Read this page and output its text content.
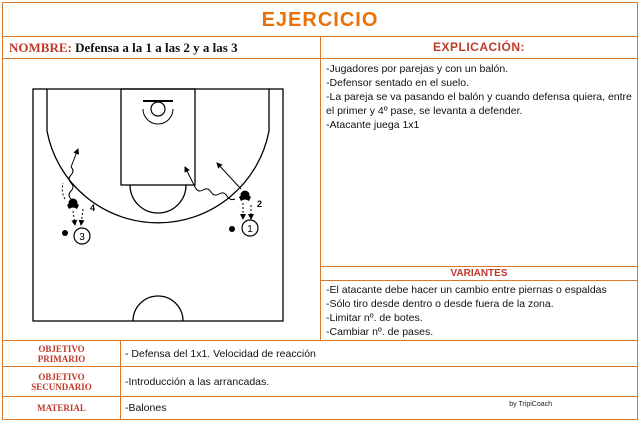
EJERCICIO
NOMBRE: Defensa a la 1 a las 2 y a las 3	EXPLICACIÓN:
4
3
2
1

-Jugadores por parejas y con un balón.

-Defensor sentado en el suelo.

-La pareja se va pasando el balón y cuando defensa quiera, entre el primer y 4º pase, se levanta a defender.

-Atacante juega 1x1

VARIANTES

-El atacante debe hacer un cambio entre piernas o espaldas

-Sólo tiro desde dentro o desde fuera de la zona.

-Limitar nº. de botes.

-Cambiar nº. de pases.

OBJETIVO
PRIMARIO	- Defensa del 1x1. Velocidad de reacción
OBJETIVO
SECUNDARIO	-Introducción a las arrancadas.
MATERIAL	-Balones	by TripiCoach
